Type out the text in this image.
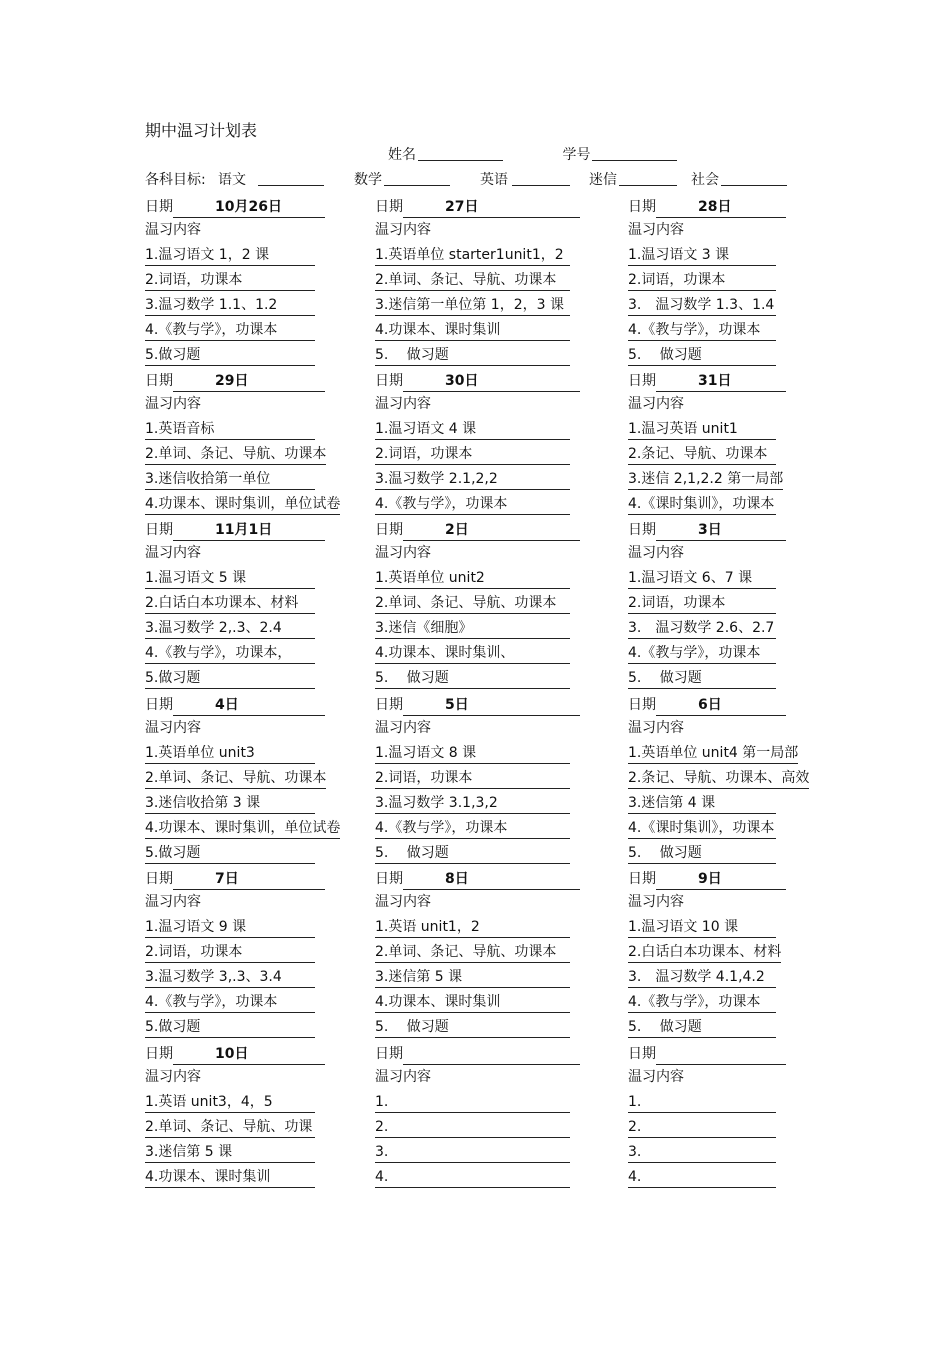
期中温习计划表
姓名	学号
各科目标: 语文	数学	英语	迷信	社会
日期	10月26日
温习内容
1.温习语文 1，2 课
2.词语，功课本
3.温习数学 1.1、1.2
4.《教与学》，功课本
5.做习题
日期	27日
温习内容
1.英语单位 starter1unit1，2
2.单词、条记、导航、功课本
3.迷信第一单位第 1，2，3 课
4.功课本、课时集训
5.　 做习题
日期	28日
温习内容
1.温习语文 3 课
2.词语，功课本
3.　温习数学 1.3、1.4
4.《教与学》，功课本
5.　 做习题
日期	29日
温习内容
1.英语音标
2.单词、条记、导航、功课本
3.迷信收拾第一单位
4.功课本、课时集训，单位试卷
日期	30日
温习内容
1.温习语文 4 课
2.词语，功课本
3.温习数学 2.1,2,2
4.《教与学》，功课本
日期	31日
温习内容
1.温习英语 unit1
2.条记、导航、功课本
3.迷信 2,1,2.2 第一局部
4.《课时集训》，功课本
日期	11月1日
温习内容
1.温习语文 5 课
2.白话白本功课本、材料
3.温习数学 2,.3、2.4
4.《教与学》，功课本，
5.做习题
日期	2日
温习内容
1.英语单位 unit2
2.单词、条记、导航、功课本
3.迷信《细胞》
4.功课本、课时集训、
5.　 做习题
日期	3日
温习内容
1.温习语文 6、7 课
2.词语，功课本
3.　温习数学 2.6、2.7
4.《教与学》，功课本
5.　 做习题
日期	4日
温习内容
1.英语单位 unit3
2.单词、条记、导航、功课本
3.迷信收拾第 3 课
4.功课本、课时集训，单位试卷
5.做习题
日期	5日
温习内容
1.温习语文 8 课
2.词语，功课本
3.温习数学 3.1,3,2
4.《教与学》，功课本
5.　 做习题
日期	6日
温习内容
1.英语单位 unit4 第一局部
2.条记、导航、功课本、高效
3.迷信第 4 课
4.《课时集训》，功课本
5.　 做习题
日期	7日
温习内容
1.温习语文 9 课
2.词语，功课本
3.温习数学 3,.3、3.4
4.《教与学》，功课本
5.做习题
日期	8日
温习内容
1.英语 unit1，2
2.单词、条记、导航、功课本
3.迷信第 5 课
4.功课本、课时集训
5.　 做习题
日期	9日
温习内容
1.温习语文 10 课
2.白话白本功课本、材料
3.　温习数学 4.1,4.2
4.《教与学》，功课本
5.　 做习题
日期	10日
温习内容
1.英语 unit3，4，5
2.单词、条记、导航、功课
3.迷信第 5 课
4.功课本、课时集训
日期
温习内容
1.
2.
3.
4.
日期
温习内容
1.
2.
3.
4.
